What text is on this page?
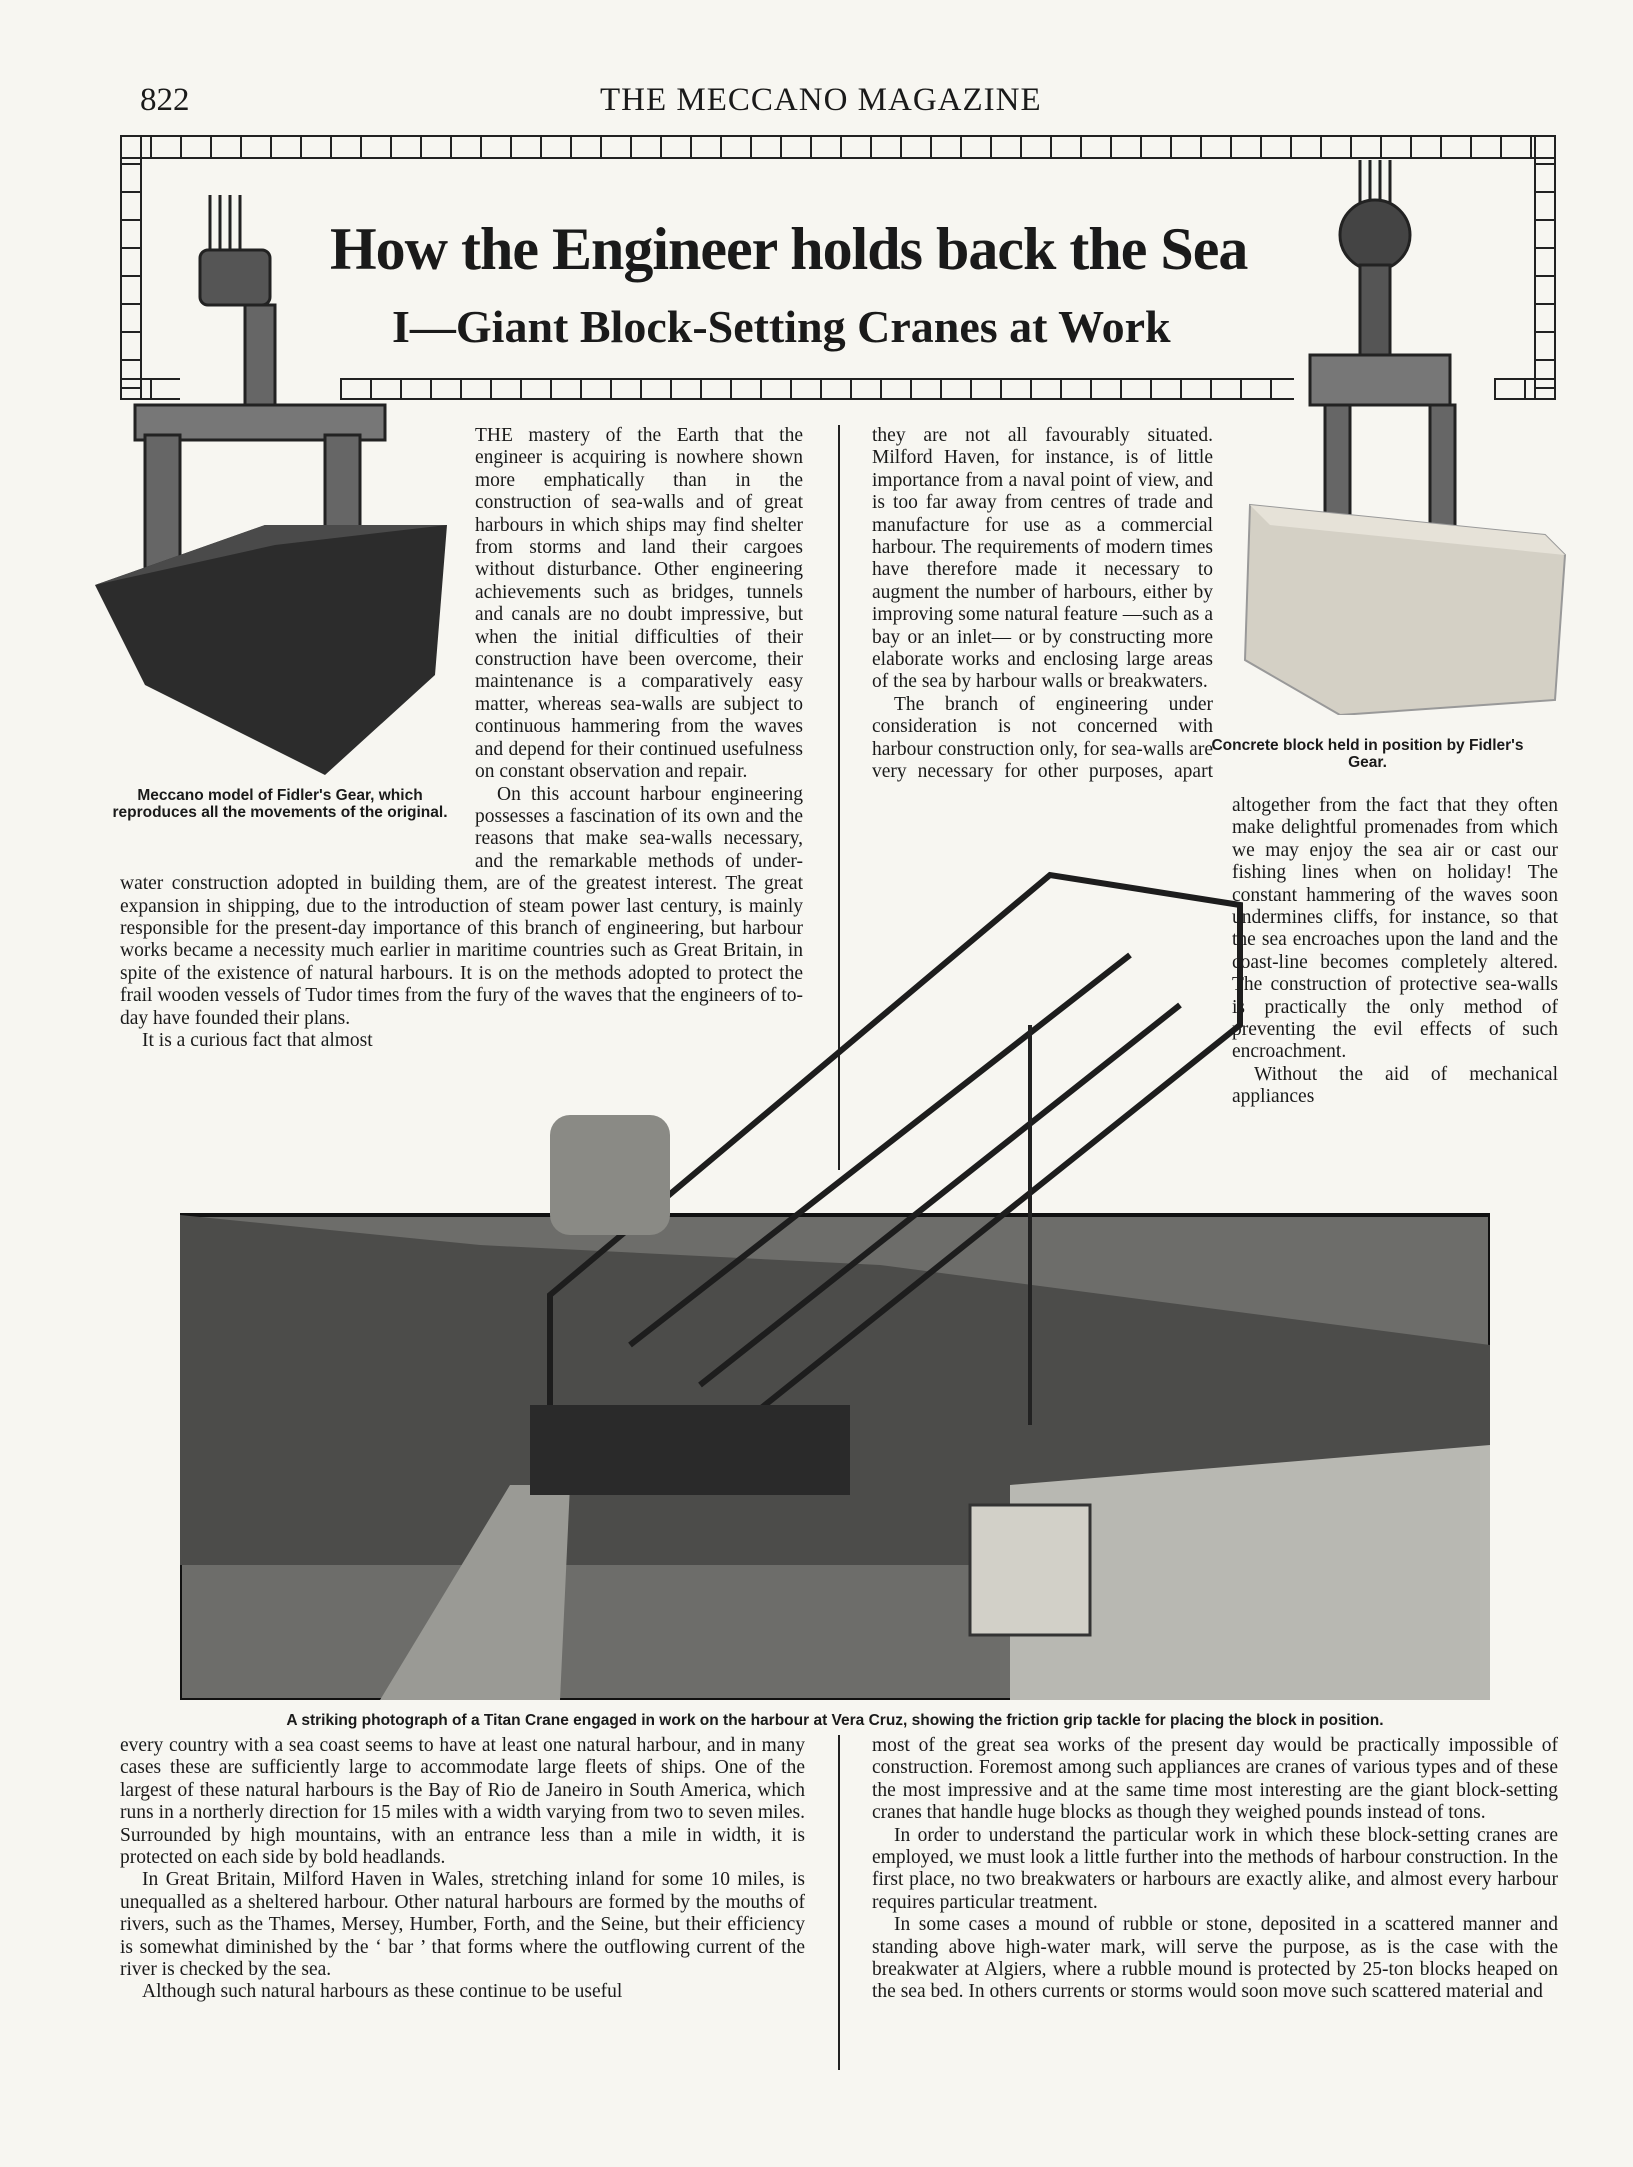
822	THE MECCANO MAGAZINE
How the Engineer holds back the Sea
I—Giant Block-Setting Cranes at Work
Meccano model of Fidler's Gear, which reproduces all the movements of the original.
Concrete block held in position by Fidler's Gear.

THE mastery of the Earth that the engineer is acquiring is nowhere shown more emphatically than in the construction of sea-walls and of great harbours in which ships may find shelter from storms and land their cargoes without disturbance. Other engineering achievements such as bridges, tunnels and canals are no doubt impressive, but when the initial difficulties of their construction have been overcome, their maintenance is a comparatively easy matter, whereas sea-walls are subject to continuous hammering from the waves and depend for their continued usefulness on constant observation and repair.

On this account harbour engineering possesses a fascination of its own and the reasons that make sea-walls necessary, and the remarkable methods of under-water construction adopted in building them, are of the greatest interest. The great expansion in shipping, due to the introduction of steam power last century, is mainly responsible for the present-day importance of this branch of engineering, but harbour works became a necessity much earlier in maritime countries such as Great Britain, in spite of the existence of natural harbours. It is on the methods adopted to protect the frail wooden vessels of Tudor times from the fury of the waves that the engineers of to-day have founded their plans.

It is a curious fact that almost

they are not all favourably situated. Milford Haven, for instance, is of little importance from a naval point of view, and is too far away from centres of trade and manufacture for use as a commercial harbour. The requirements of modern times have therefore made it necessary to augment the number of harbours, either by improving some natural feature —such as a bay or an inlet— or by constructing more elaborate works and enclosing large areas of the sea by harbour walls or breakwaters.

The branch of engineering under consideration is not concerned with harbour construction only, for sea-walls are very necessary for other purposes, apart altogether from the fact that they often make delightful promenades from which we may enjoy the sea air or cast our fishing lines when on holiday! The constant hammering of the waves soon undermines cliffs, for instance, so that the sea encroaches upon the land and the coast-line becomes completely altered. The construction of protective sea-walls is practically the only method of preventing the evil effects of such encroachment.

Without the aid of mechanical appliances

A striking photograph of a Titan Crane engaged in work on the harbour at Vera Cruz, showing the friction grip tackle for placing the block in position.

every country with a sea coast seems to have at least one natural harbour, and in many cases these are sufficiently large to accommodate large fleets of ships. One of the largest of these natural harbours is the Bay of Rio de Janeiro in South America, which runs in a northerly direction for 15 miles with a width varying from two to seven miles. Surrounded by high mountains, with an entrance less than a mile in width, it is protected on each side by bold headlands.

In Great Britain, Milford Haven in Wales, stretching inland for some 10 miles, is unequalled as a sheltered harbour. Other natural harbours are formed by the mouths of rivers, such as the Thames, Mersey, Humber, Forth, and the Seine, but their efficiency is somewhat diminished by the ‘ bar ’ that forms where the outflowing current of the river is checked by the sea.

Although such natural harbours as these continue to be useful

most of the great sea works of the present day would be practically impossible of construction. Foremost among such appliances are cranes of various types and of these the most impressive and at the same time most interesting are the giant block-setting cranes that handle huge blocks as though they weighed pounds instead of tons.

In order to understand the particular work in which these block-setting cranes are employed, we must look a little further into the methods of harbour construction. In the first place, no two breakwaters or harbours are exactly alike, and almost every harbour requires particular treatment.

In some cases a mound of rubble or stone, deposited in a scattered manner and standing above high-water mark, will serve the purpose, as is the case with the breakwater at Algiers, where a rubble mound is protected by 25-ton blocks heaped on the sea bed. In others currents or storms would soon move such scattered material and
